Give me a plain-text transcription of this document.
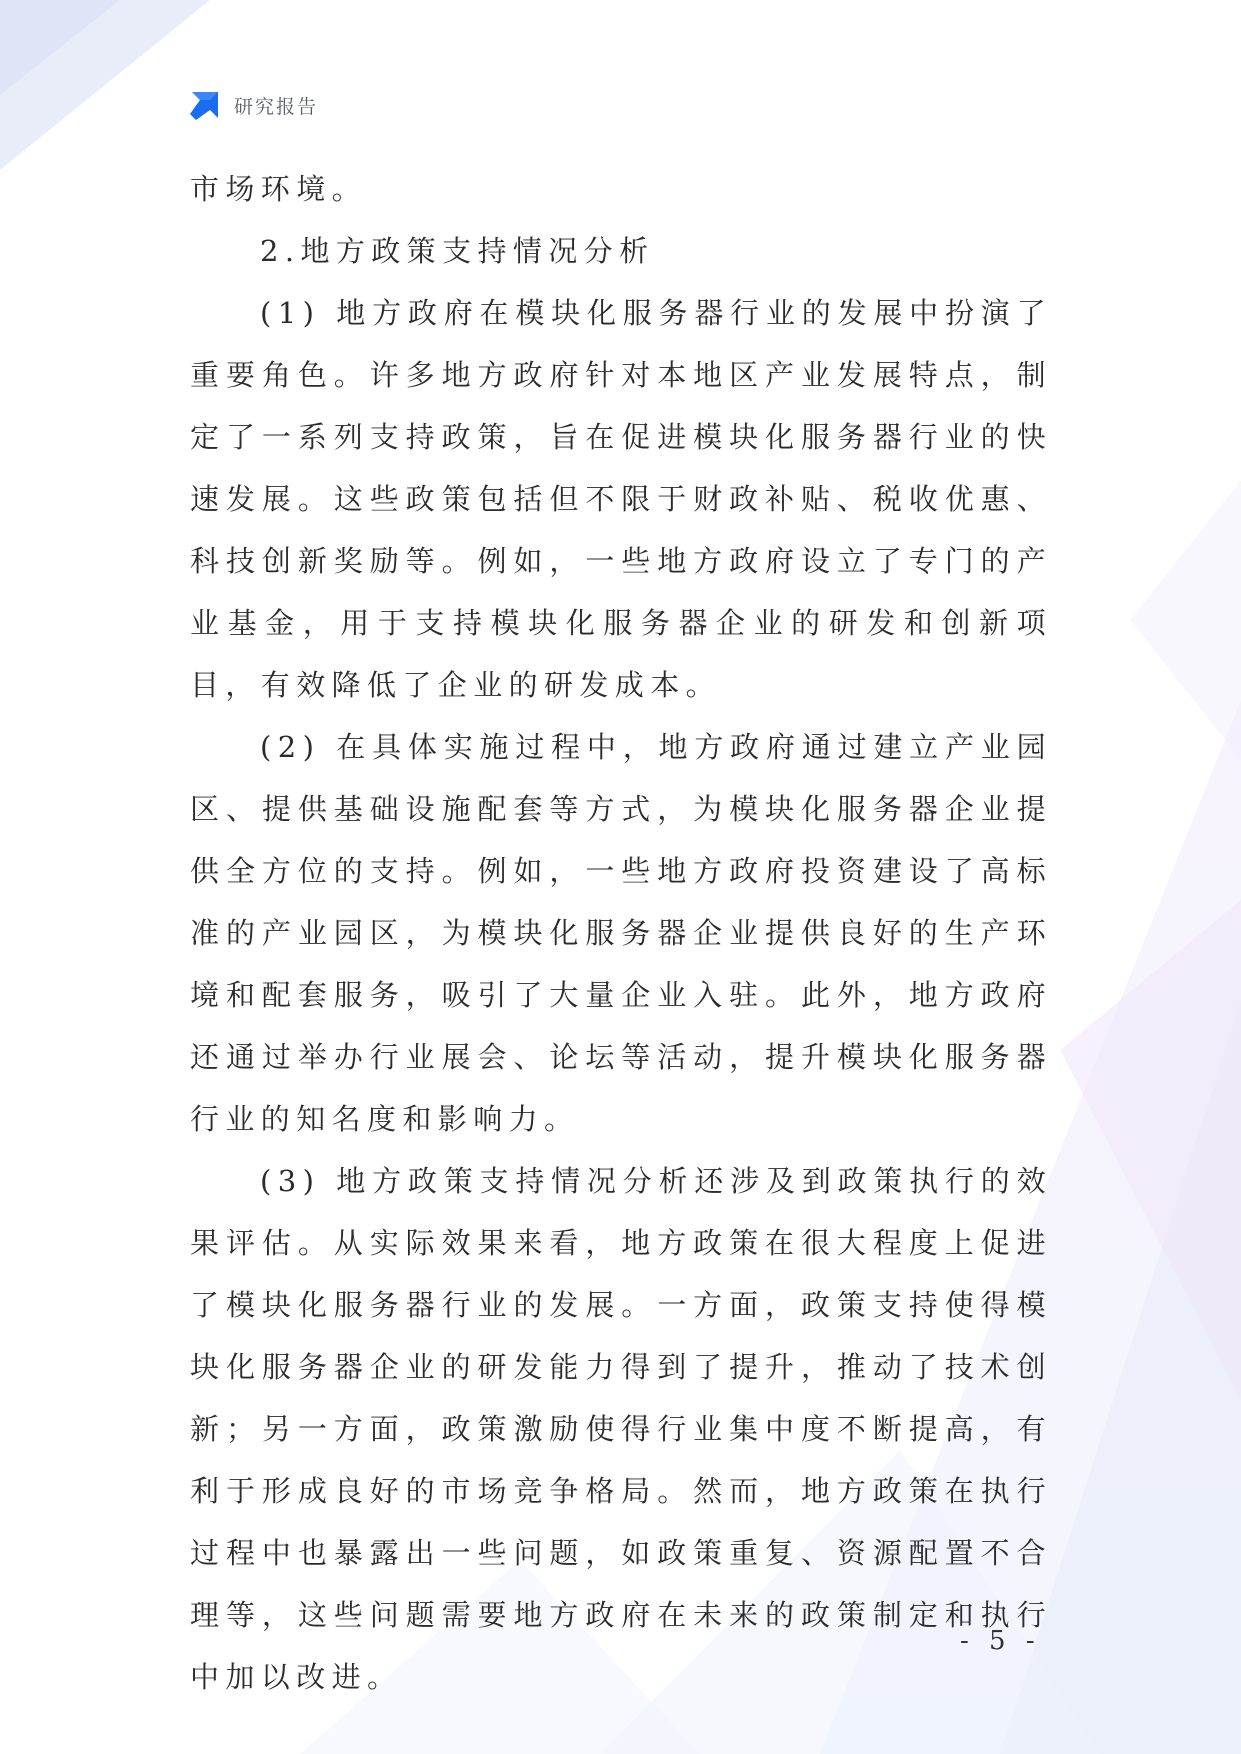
研究报告

市场环境。

2.地方政策支持情况分析

(1) 地方政府在模块化服务器行业的发展中扮演了重要角色。许多地方政府针对本地区产业发展特点，制定了一系列支持政策，旨在促进模块化服务器行业的快速发展。这些政策包括但不限于财政补贴、税收优惠、科技创新奖励等。例如，一些地方政府设立了专门的产业基金，用于支持模块化服务器企业的研发和创新项目，有效降低了企业的研发成本。

(2) 在具体实施过程中，地方政府通过建立产业园区、提供基础设施配套等方式，为模块化服务器企业提供全方位的支持。例如，一些地方政府投资建设了高标准的产业园区，为模块化服务器企业提供良好的生产环境和配套服务，吸引了大量企业入驻。此外，地方政府还通过举办行业展会、论坛等活动，提升模块化服务器行业的知名度和影响力。

(3) 地方政策支持情况分析还涉及到政策执行的效果评估。从实际效果来看，地方政策在很大程度上促进了模块化服务器行业的发展。一方面，政策支持使得模块化服务器企业的研发能力得到了提升，推动了技术创新；另一方面，政策激励使得行业集中度不断提高，有利于形成良好的市场竞争格局。然而，地方政策在执行过程中也暴露出一些问题，如政策重复、资源配置不合理等，这些问题需要地方政府在未来的政策制定和执行中加以改进。

- 5 -
